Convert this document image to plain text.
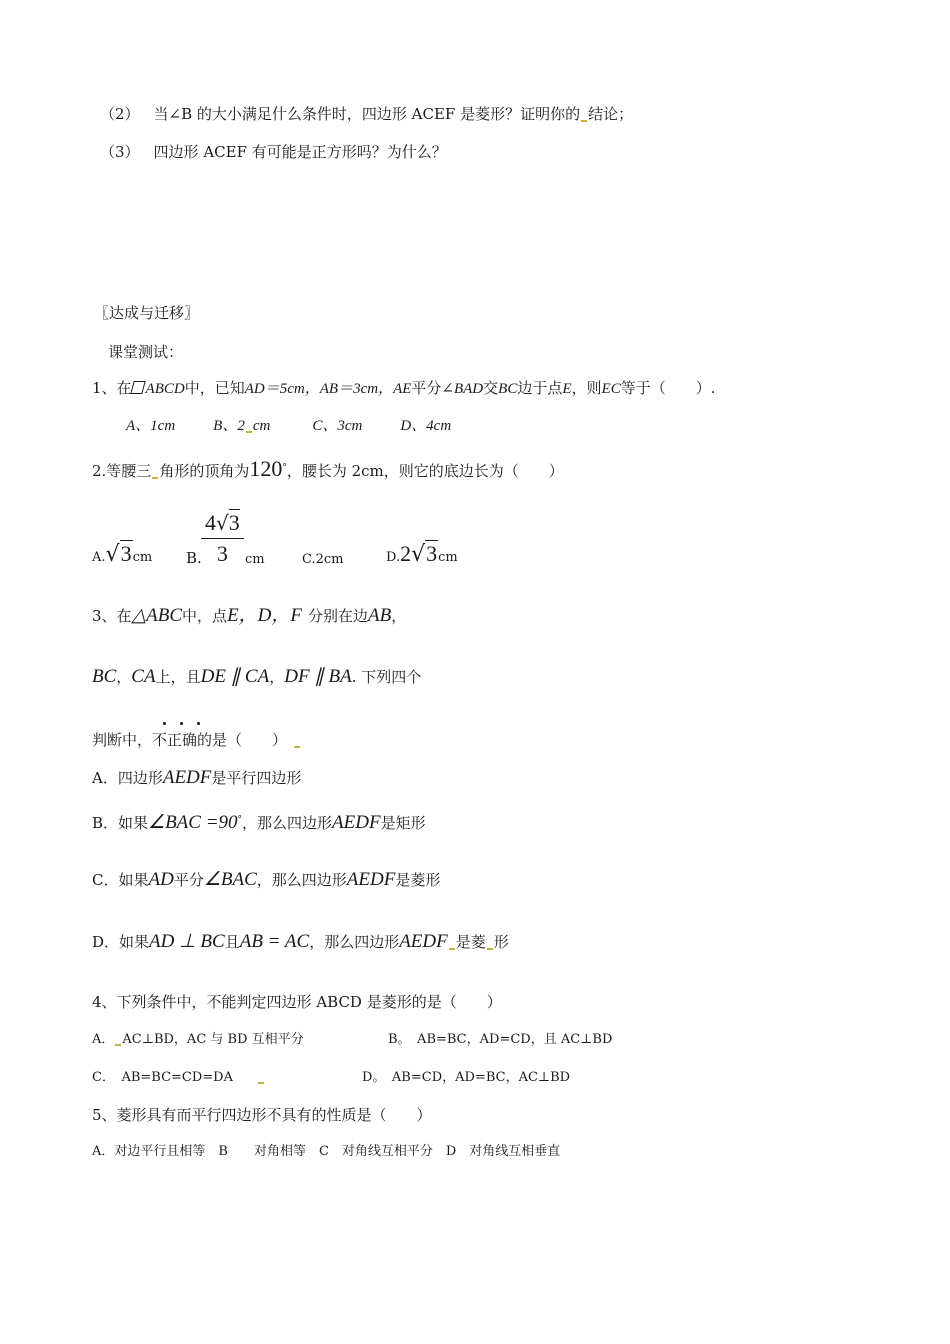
（2） 当∠B 的大小满足什么条件时，四边形 ACEF 是菱形？证明你的 结论；
（3） 四边形 ACEF 有可能是正方形吗？为什么？
〖达成与迁移〗
课堂测试：
1、在 ABCD中，已知AD＝5cm，AB＝3cm，AE平分∠BAD交BC边于点E，则EC等于（　　）.
A、1cm	B、2 cm	C、3cm	D、4cm
2.等腰三 角形的顶角为120°，腰长为 2cm，则它的底边长为（　　）
A.√3cm B. $\frac{4√3}{3}$ cm	C.2cm	D.2√3cm
3、在△ABC中，点E，D，F 分别在边AB，
BC，CA上，且DE ∥ CA，DF ∥ BA. 下列四个
判断中，不正确的是（　　）
A．四边形AEDF是平行四边形
B．如果∠BAC =90°，那么四边形AEDF是矩形
C．如果AD平分∠BAC，那么四边形AEDF是菱形
D．如果AD ⊥ BC且AB = AC，那么四边形AEDF 是菱 形
4、下列条件中，不能判定四边形 ABCD 是菱形的是（　　）
A． AC⊥BD，AC 与 BD 互相平分	B。　AB=BC，AD=CD，且 AC⊥BD
C．　AB=BC=CD=DA	D。　AB=CD，AD=BC，AC⊥BD
5、菱形具有而平行四边形不具有的性质是（　　）
A．对边平行且相等　B　　对角相等　C　对角线互相平分　D　对角线互相垂直
